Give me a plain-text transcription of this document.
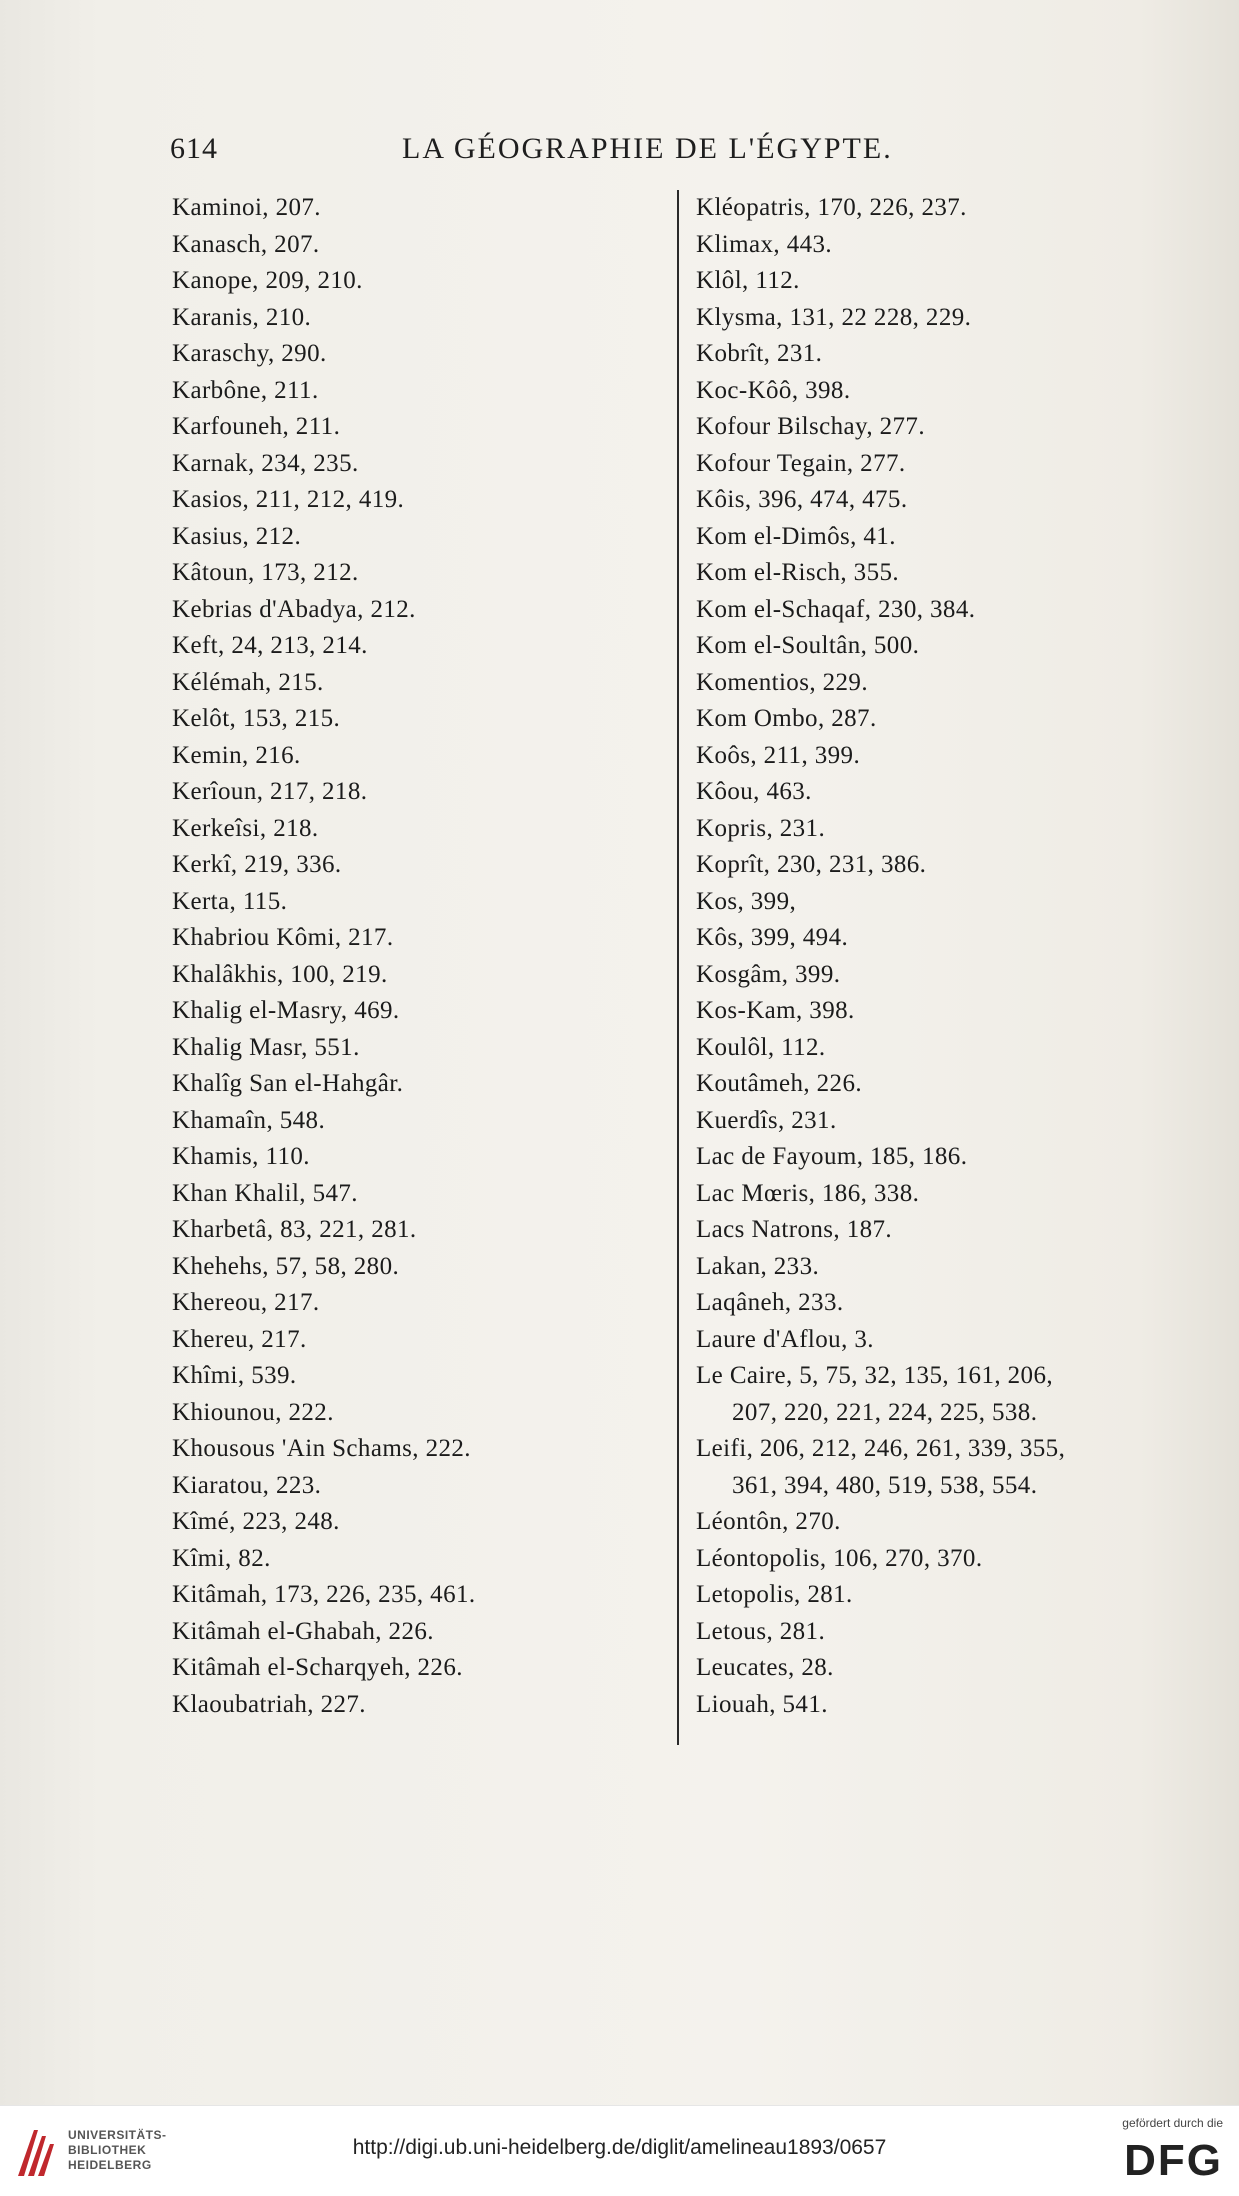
614	LA GÉOGRAPHIE DE L'ÉGYPTE.
Kaminoi, 207.
Kanasch, 207.
Kanope, 209, 210.
Karanis, 210.
Karaschy, 290.
Karbône, 211.
Karfouneh, 211.
Karnak, 234, 235.
Kasios, 211, 212, 419.
Kasius, 212.
Kâtoun, 173, 212.
Kebrias d'Abadya, 212.
Keft, 24, 213, 214.
Kélémah, 215.
Kelôt, 153, 215.
Kemin, 216.
Kerîoun, 217, 218.
Kerkeîsi, 218.
Kerkî, 219, 336.
Kerta, 115.
Khabriou Kômi, 217.
Khalâkhis, 100, 219.
Khalig el-Masry, 469.
Khalig Masr, 551.
Khalîg San el-Hahgâr.
Khamaîn, 548.
Khamis, 110.
Khan Khalil, 547.
Kharbetâ, 83, 221, 281.
Khehehs, 57, 58, 280.
Khereou, 217.
Khereu, 217.
Khîmi, 539.
Khiounou, 222.
Khousous 'Ain Schams, 222.
Kiaratou, 223.
Kîmé, 223, 248.
Kîmi, 82.
Kitâmah, 173, 226, 235, 461.
Kitâmah el-Ghabah, 226.
Kitâmah el-Scharqyeh, 226.
Klaoubatriah, 227.
Kléopatris, 170, 226, 237.
Klimax, 443.
Klôl, 112.
Klysma, 131, 22 228, 229.
Kobrît, 231.
Koc-Kôô, 398.
Kofour Bilschay, 277.
Kofour Tegain, 277.
Kôis, 396, 474, 475.
Kom el-Dimôs, 41.
Kom el-Risch, 355.
Kom el-Schaqaf, 230, 384.
Kom el-Soultân, 500.
Komentios, 229.
Kom Ombo, 287.
Koôs, 211, 399.
Kôou, 463.
Kopris, 231.
Koprît, 230, 231, 386.
Kos, 399,
Kôs, 399, 494.
Kosgâm, 399.
Kos-Kam, 398.
Koulôl, 112.
Koutâmeh, 226.
Kuerdîs, 231.
Lac de Fayoum, 185, 186.
Lac Mœris, 186, 338.
Lacs Natrons, 187.
Lakan, 233.
Laqâneh, 233.
Laure d'Aflou, 3.
Le Caire, 5, 75, 32, 135, 161, 206,
207, 220, 221, 224, 225, 538.
Leifi, 206, 212, 246, 261, 339, 355,
361, 394, 480, 519, 538, 554.
Léontôn, 270.
Léontopolis, 106, 270, 370.
Letopolis, 281.
Letous, 281.
Leucates, 28.
Liouah, 541.
UNIVERSITÄTS-
BIBLIOTHEK
HEIDELBERG
http://digi.ub.uni-heidelberg.de/diglit/amelineau1893/0657
gefördert durch die
DFG
